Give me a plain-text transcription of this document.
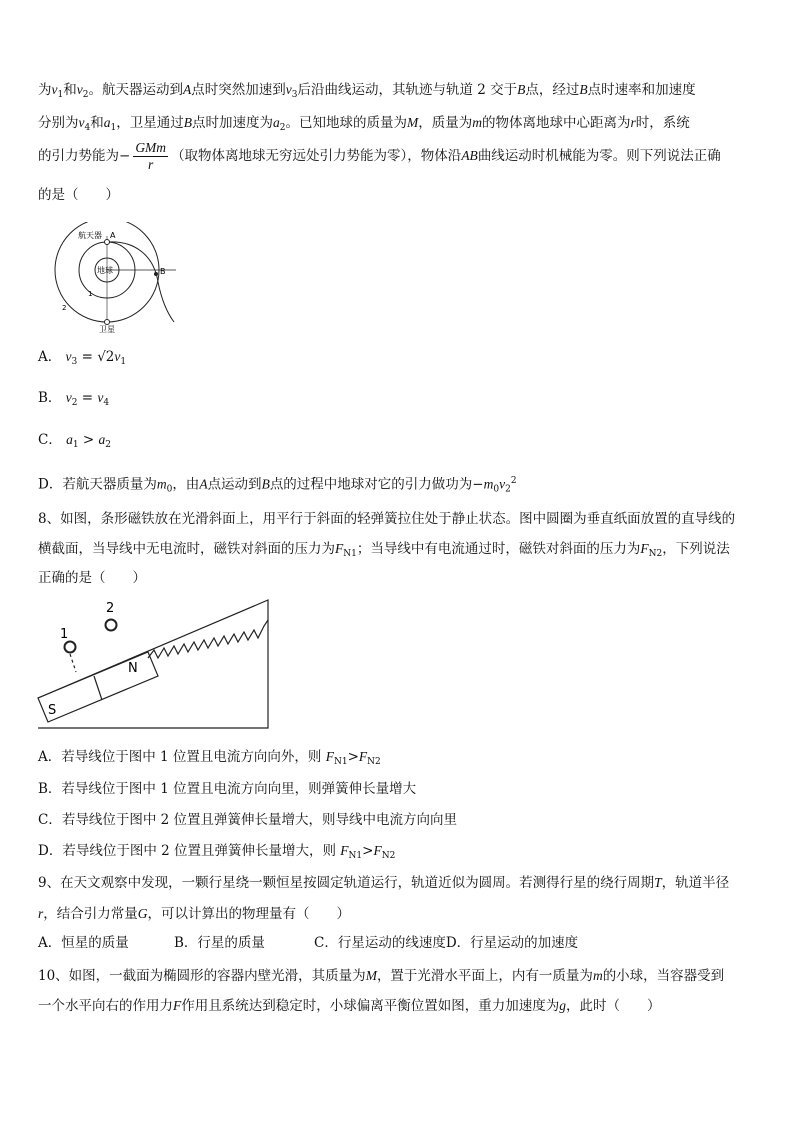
为$v_1$和$v_2$。航天器运动到A点时突然加速到$v_3$后沿曲线运动，其轨迹与轨道 2 交于B点，经过B点时速率和加速度
分别为$v_4$和$a_1$，卫星通过B点时加速度为$a_2$。已知地球的质量为M，质量为m的物体离地球中心距离为r时，系统
的引力势能为− $\frac{\text{GMm}}{r}$ （取物体离地球无穷远处引力势能为零），物体沿AB曲线运动时机械能为零。则下列说法正确
的是（　　）
航天器 A
B
地球
1
2
卫星
A． $v_3 = √2v_1$
B． $v_2 = v_4$
C． $a_1 > a_2$
D．若航天器质量为$m_0$，由A点运动到B点的过程中地球对它的引力做功为$-m_0v_2^2$
8、如图，条形磁铁放在光滑斜面上，用平行于斜面的轻弹簧拉住处于静止状态。图中圆圈为垂直纸面放置的直导线的
横截面，当导线中无电流时，磁铁对斜面的压力为$F_{N1}$；当导线中有电流通过时，磁铁对斜面的压力为$F_{N2}$，下列说法
正确的是（　　）
N
S
1
2
A．若导线位于图中 1 位置且电流方向向外，则 $F_{N1}>F_{N2}$
B．若导线位于图中 1 位置且电流方向向里，则弹簧伸长量增大
C．若导线位于图中 2 位置且弹簧伸长量增大，则导线中电流方向向里
D．若导线位于图中 2 位置且弹簧伸长量增大，则 $F_{N1}>F_{N2}$
9、在天文观察中发现，一颗行星绕一颗恒星按圆定轨道运行，轨道近似为圆周。若测得行星的绕行周期T，轨道半径
r，结合引力常量G，可以计算出的物理量有（　　）
A．恒星的质量	B．行星的质量	C．行星运动的线速度D．行星运动的加速度
10、如图，一截面为椭圆形的容器内壁光滑，其质量为M，置于光滑水平面上，内有一质量为m的小球，当容器受到
一个水平向右的作用力F作用且系统达到稳定时，小球偏离平衡位置如图，重力加速度为g，此时（　　）
